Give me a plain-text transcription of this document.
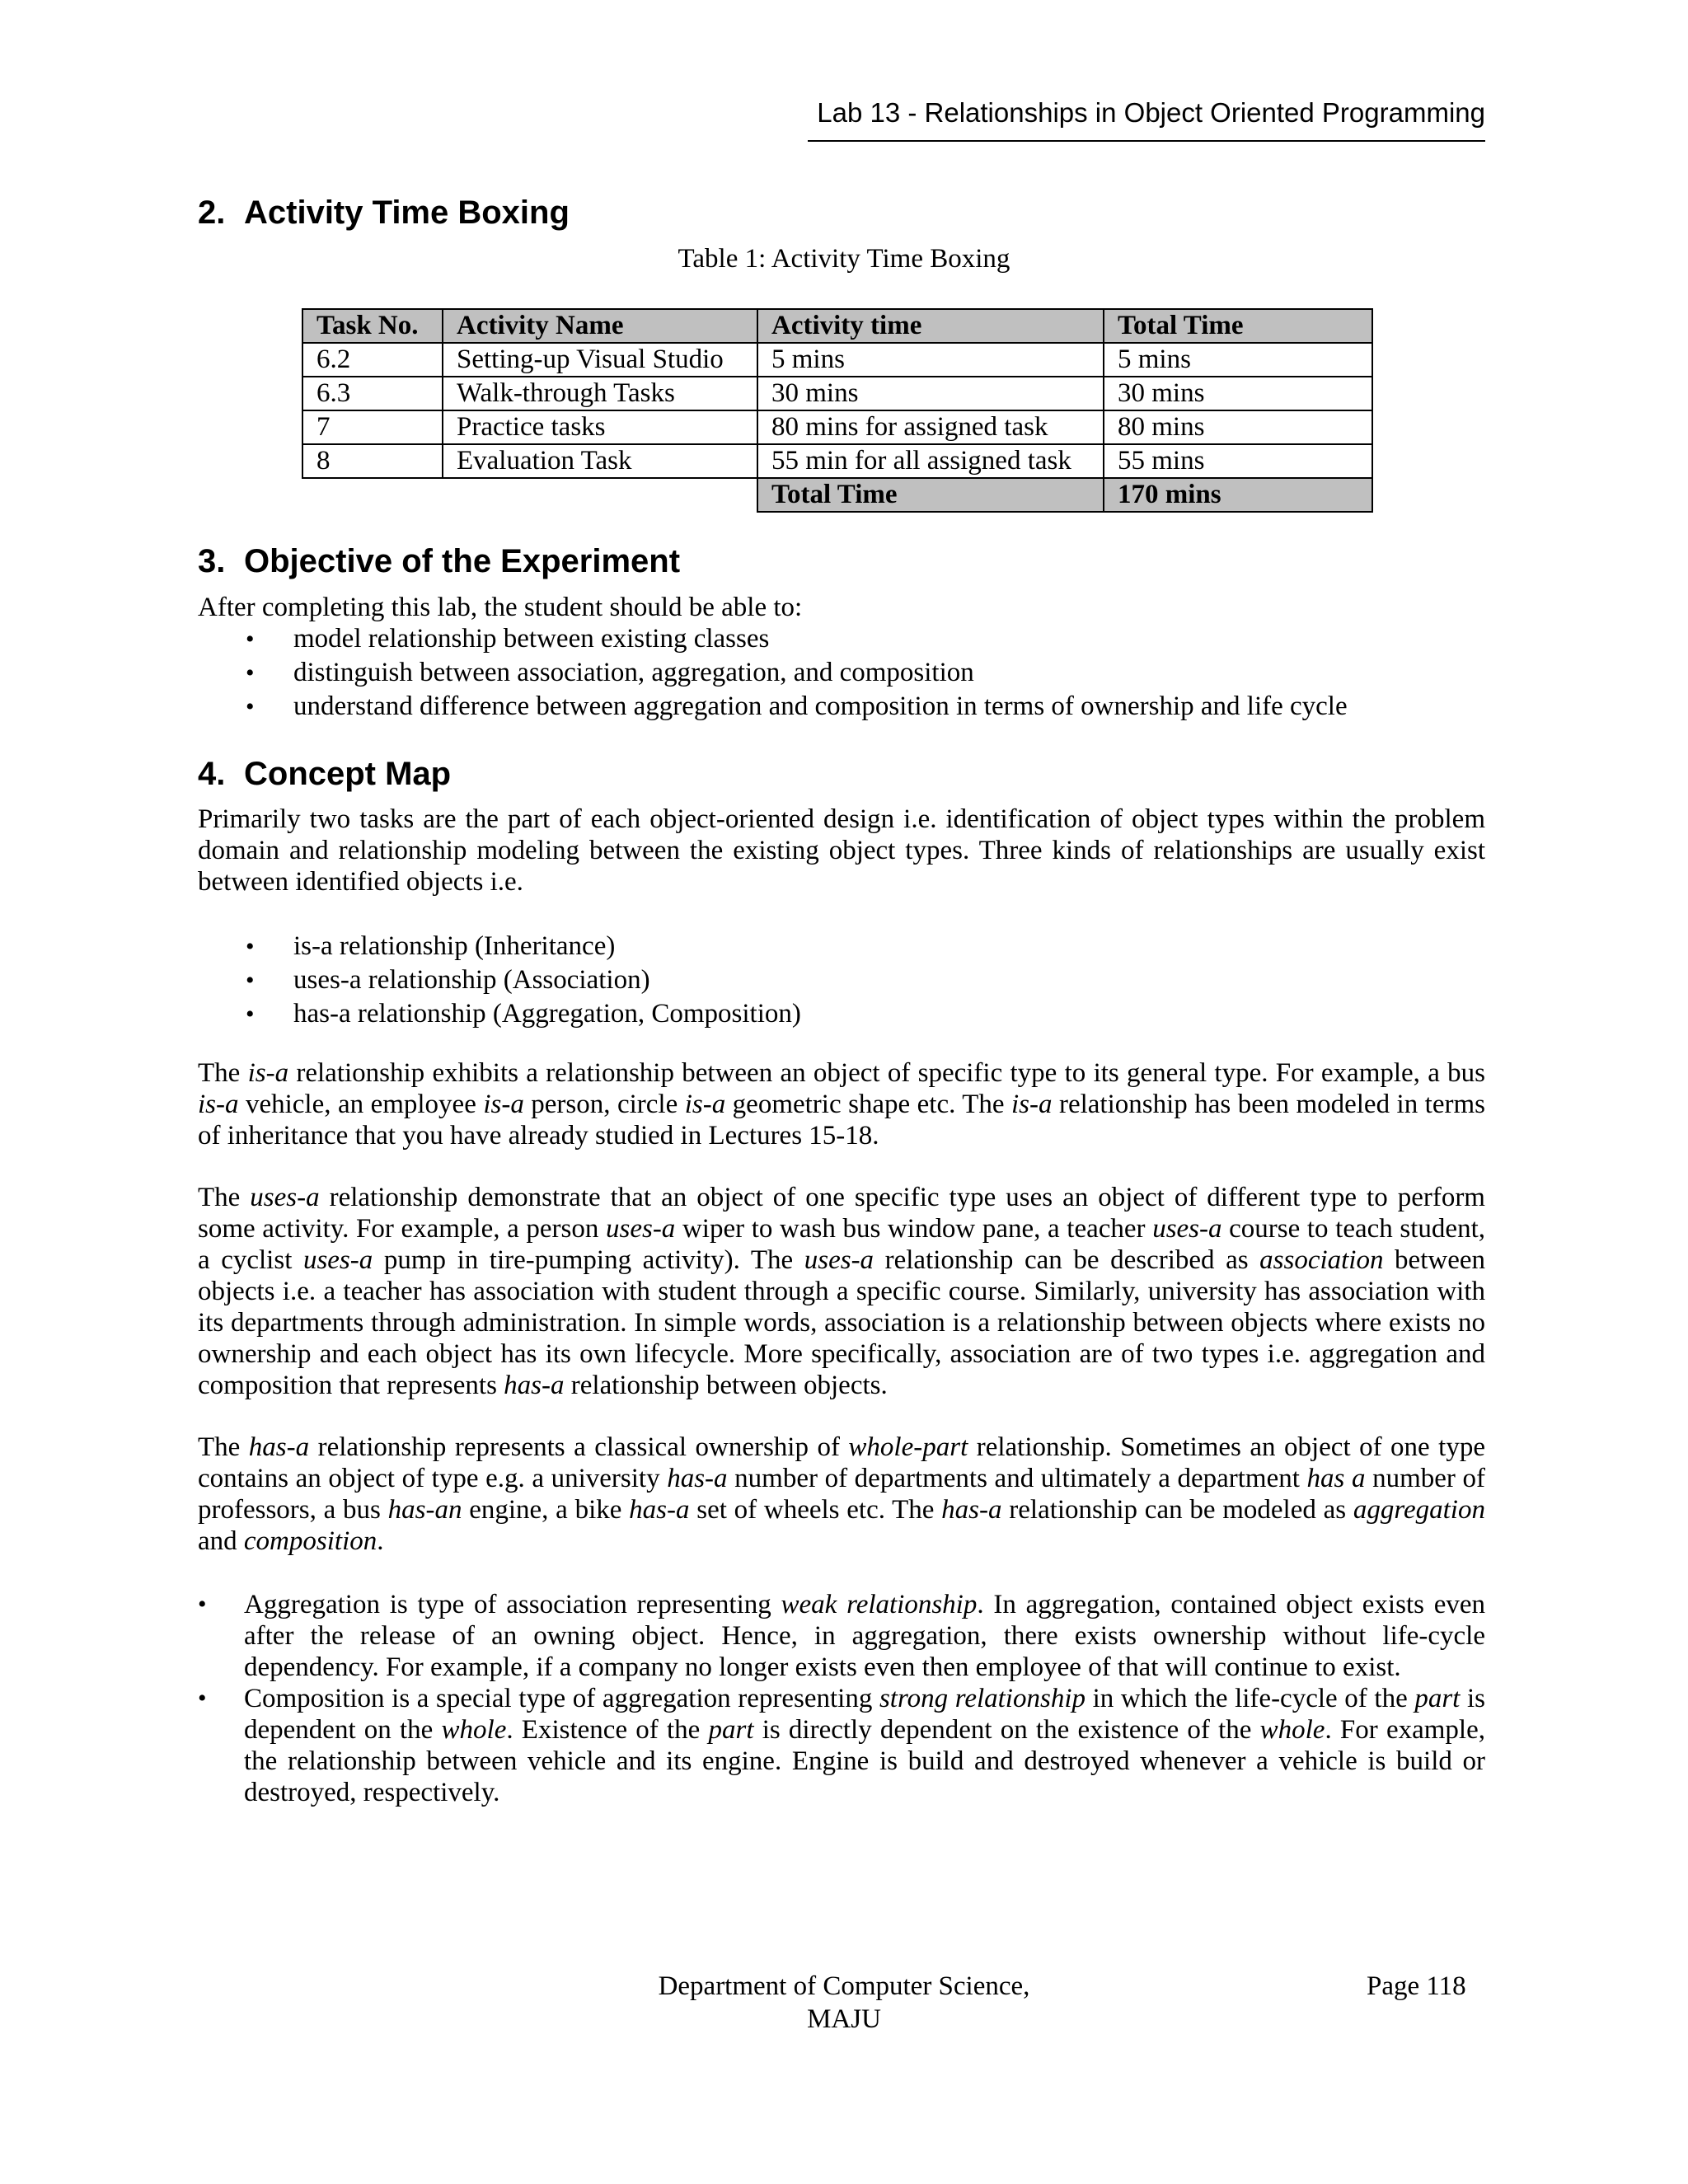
Lab 13 - Relationships in Object Oriented Programming
2. Activity Time Boxing
Table 1: Activity Time Boxing
Task No.	Activity Name	Activity time	Total Time
6.2	Setting-up Visual Studio	5 mins	5 mins
6.3	Walk-through Tasks	30 mins	30 mins
7	Practice tasks	80 mins for assigned task	80 mins
8	Evaluation Task	55 min for all assigned task	55 mins
		Total Time	170 mins
3. Objective of the Experiment

After completing this lab, the student should be able to:

• model relationship between existing classes
• distinguish between association, aggregation, and composition
• understand difference between aggregation and composition in terms of ownership and life cycle
4. Concept Map

Primarily two tasks are the part of each object-oriented design i.e. identification of object types within the problem domain and relationship modeling between the existing object types. Three kinds of relationships are usually exist between identified objects i.e.

• is-a relationship (Inheritance)
• uses-a relationship (Association)
• has-a relationship (Aggregation, Composition)

The is-a relationship exhibits a relationship between an object of specific type to its general type. For example, a bus is-a vehicle, an employee is-a person, circle is-a geometric shape etc. The is-a relationship has been modeled in terms of inheritance that you have already studied in Lectures 15-18.

The uses-a relationship demonstrate that an object of one specific type uses an object of different type to perform some activity. For example, a person uses-a wiper to wash bus window pane, a teacher uses-a course to teach student, a cyclist uses-a pump in tire-pumping activity). The uses-a relationship can be described as association between objects i.e. a teacher has association with student through a specific course. Similarly, university has association with its departments through administration. In simple words, association is a relationship between objects where exists no ownership and each object has its own lifecycle. More specifically, association are of two types i.e. aggregation and composition that represents has-a relationship between objects.

The has-a relationship represents a classical ownership of whole-part relationship. Sometimes an object of one type contains an object of type e.g. a university has-a number of departments and ultimately a department has a number of professors, a bus has-an engine, a bike has-a set of wheels etc. The has-a relationship can be modeled as aggregation and composition.

• Aggregation is type of association representing weak relationship. In aggregation, contained object exists even after the release of an owning object. Hence, in aggregation, there exists ownership without life-cycle dependency. For example, if a company no longer exists even then employee of that will continue to exist.
• Composition is a special type of aggregation representing strong relationship in which the life-cycle of the part is dependent on the whole. Existence of the part is directly dependent on the existence of the whole. For example, the relationship between vehicle and its engine. Engine is build and destroyed whenever a vehicle is build or destroyed, respectively.
Department of Computer Science,
MAJU
Page 118
